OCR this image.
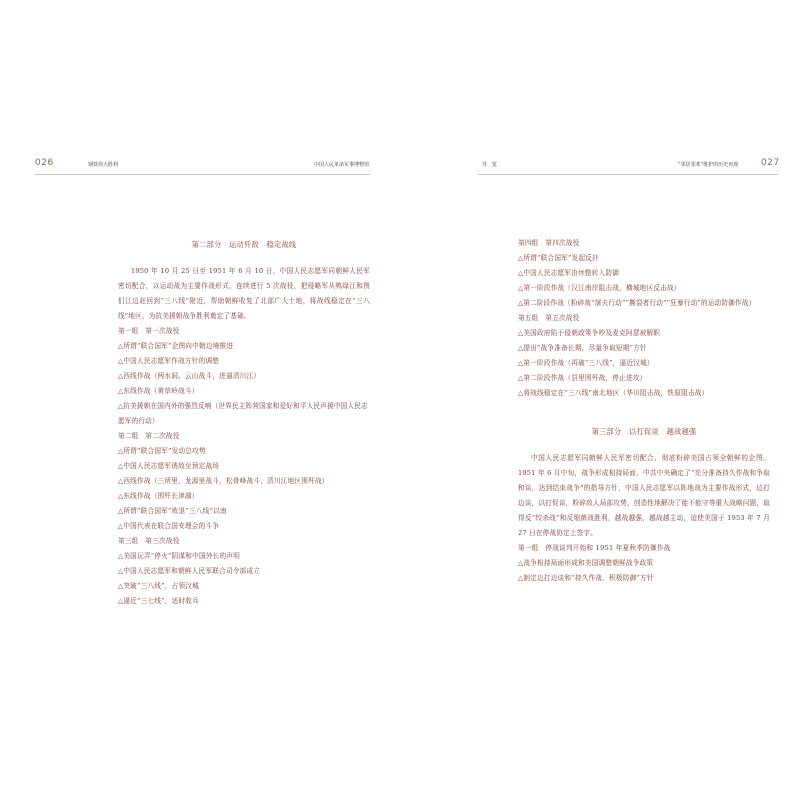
026	钢铁伟大胜利	中国人民革命军事博物馆
第二部分　运动歼敌　稳定战线
1950 年 10 月 25 日至 1951 年 6 月 10 日，中国人民志愿军同朝鲜人民军密切配合，以运动战为主要作战形式，连续进行 5 次战役，把侵略军从鸭绿江和图们江边赶回到“三八线”附近，帮助朝鲜收复了北部广大土地，将战线稳定在“三八线”地区，为抗美援朝战争胜利奠定了基础。
第一组　第一次战役
△所谓“联合国军”企图向中朝边境推进
△中国人民志愿军作战方针的调整
△西线作战（两水洞、云山战斗，进逼清川江）
△东线作战（黄草岭战斗）
△抗美援朝在国内外的强烈反响（世界民主阵营国家和爱好和平人民声援中国人民志愿军的行动）
第二组　第二次战役
△所谓“联合国军”发动总攻势
△中国人民志愿军诱敌至预定战场
△西线作战（三所里、龙源里战斗，松骨峰战斗，清川江地区围歼战）
△东线作战（围歼长津湖）
△所谓“联合国军”败退“三八线”以南
△中国代表在联合国安理会的斗争
第三组　第三次战役
△美国玩弄“停火”阴谋和中国外长的声明
△中国人民志愿军和朝鲜人民军联合司令部成立
△突破“三八线”，占领汉城
△逼近“三七线”，适时收兵
导　览	“邻居邻邦”维护的历史再现	027
第四组　第四次战役
△所谓“联合国军”发起反扑
△中国人民志愿军由休整转入防御
△第一阶段作战（汉江南岸阻击战，横城地区反击战）
△第二阶段作战（粉碎敌“屠夫行动”“撕裂者行动”“狂暴行动”的运动防御作战）
第五组　第五次战役
△美国政府陷于侵朝政策争吵及麦克阿瑟被解职
△提出“战争准备长期，尽量争取短期”方针
△第一阶段作战（再破“三八线”，逼近汉城）
△第二阶段作战（县里围歼战，停止进攻）
△将战线稳定在“三八线”南北地区（华川阻击战，铁原阻击战）
第三部分　以打促谈　越战越强
中国人民志愿军同朝鲜人民军密切配合，彻底粉碎美国占领全朝鲜的企图。1951 年 6 月中旬，战争形成相持局面，中共中央确定了“充分准备持久作战和争取和谈，达到结束战争”的指导方针，中国人民志愿军以阵地战为主要作战形式，边打边谈，以打促谈，粉碎敌人局部攻势，创造性地解决了能不能守等重大战略问题，取得反“绞杀战”和反细菌战胜利，越战越强，越战越主动，迫使美国于 1953 年 7 月 27 日在停战协定上签字。
第一组　停战谈判开始和 1951 年夏秋季防御作战
△战争相持局面形成和美国调整朝鲜战争政策
△制定边打边谈和“持久作战、积极防御”方针
